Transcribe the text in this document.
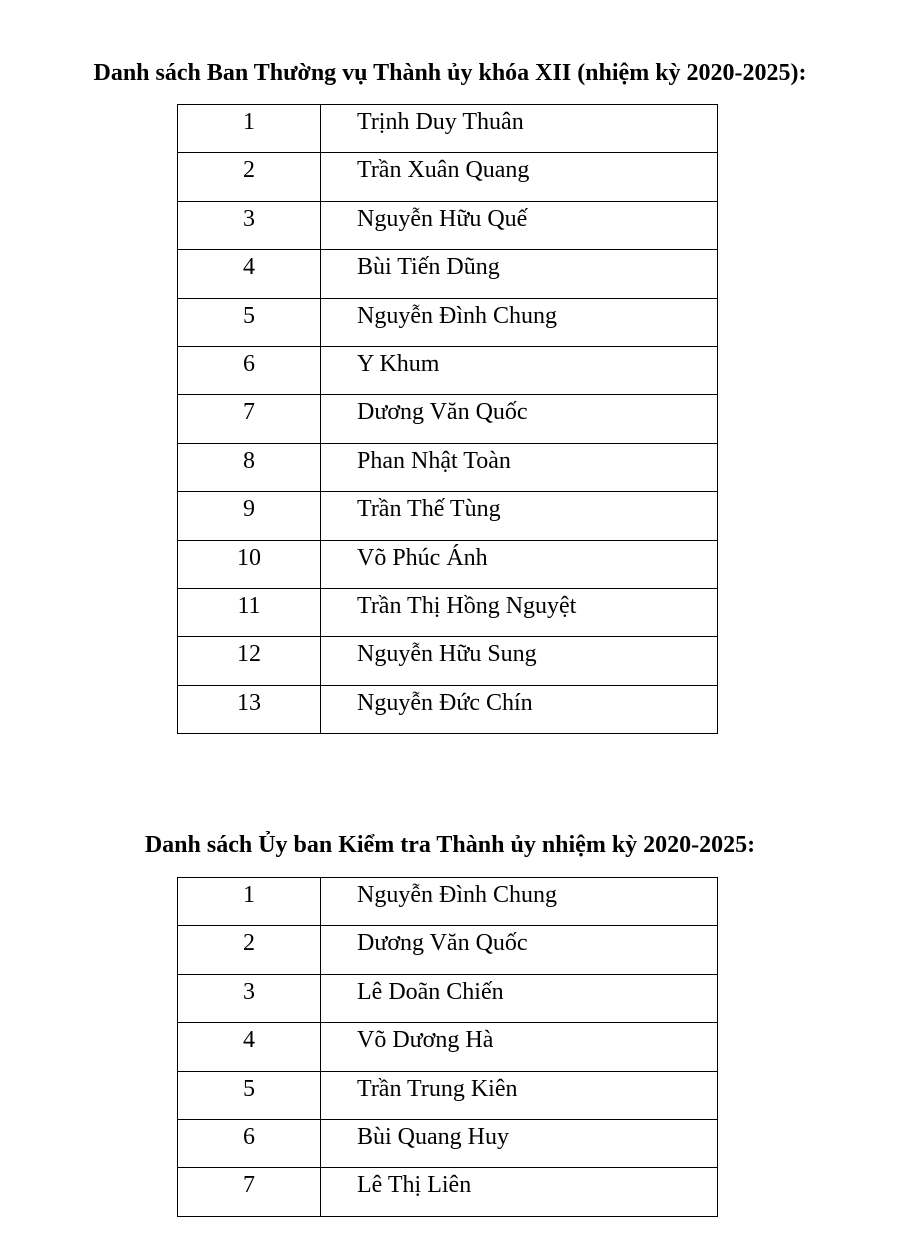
Danh sách Ban Thường vụ Thành ủy khóa XII (nhiệm kỳ 2020-2025):
1	Trịnh Duy Thuân
2	Trần Xuân Quang
3	Nguyễn Hữu Quế
4	Bùi Tiến Dũng
5	Nguyễn Đình Chung
6	Y Khum
7	Dương Văn Quốc
8	Phan Nhật Toàn
9	Trần Thế Tùng
10	Võ Phúc Ánh
11	Trần Thị Hồng Nguyệt
12	Nguyễn Hữu Sung
13	Nguyễn Đức Chín
Danh sách Ủy ban Kiểm tra Thành ủy nhiệm kỳ 2020-2025:
1	Nguyễn Đình Chung
2	Dương Văn Quốc
3	Lê Doãn Chiến
4	Võ Dương Hà
5	Trần Trung Kiên
6	Bùi Quang Huy
7	Lê Thị Liên
